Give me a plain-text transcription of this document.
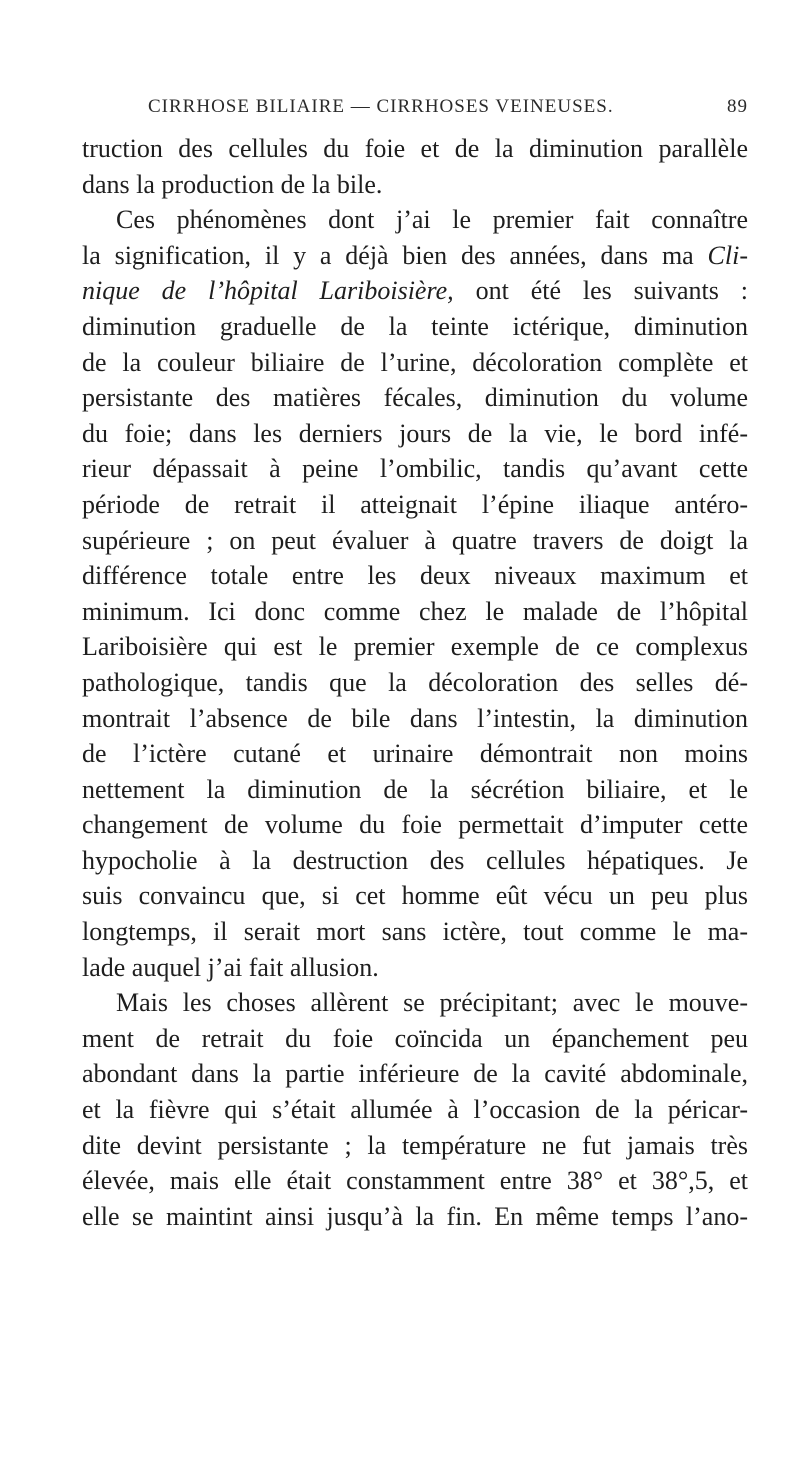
CIRRHOSE BILIAIRE — CIRRHOSES VEINEUSES.	89
truction des cellules du foie et de la diminution parallèle
dans la production de la bile.
Ces phénomènes dont j’ai le premier fait connaître
la signification, il y a déjà bien des années, dans ma Cli-
nique de l’hôpital Lariboisière, ont été les suivants :
diminution graduelle de la teinte ictérique, diminution
de la couleur biliaire de l’urine, décoloration complète et
persistante des matières fécales, diminution du volume
du foie; dans les derniers jours de la vie, le bord infé-
rieur dépassait à peine l’ombilic, tandis qu’avant cette
période de retrait il atteignait l’épine iliaque antéro-
supérieure ; on peut évaluer à quatre travers de doigt la
différence totale entre les deux niveaux maximum et
minimum. Ici donc comme chez le malade de l’hôpital
Lariboisière qui est le premier exemple de ce complexus
pathologique, tandis que la décoloration des selles dé-
montrait l’absence de bile dans l’intestin, la diminution
de l’ictère cutané et urinaire démontrait non moins
nettement la diminution de la sécrétion biliaire, et le
changement de volume du foie permettait d’imputer cette
hypocholie à la destruction des cellules hépatiques. Je
suis convaincu que, si cet homme eût vécu un peu plus
longtemps, il serait mort sans ictère, tout comme le ma-
lade auquel j’ai fait allusion.
Mais les choses allèrent se précipitant; avec le mouve-
ment de retrait du foie coïncida un épanchement peu
abondant dans la partie inférieure de la cavité abdominale,
et la fièvre qui s’était allumée à l’occasion de la péricar-
dite devint persistante ; la température ne fut jamais très
élevée, mais elle était constamment entre 38° et 38°,5, et
elle se maintint ainsi jusqu’à la fin. En même temps l’ano-
